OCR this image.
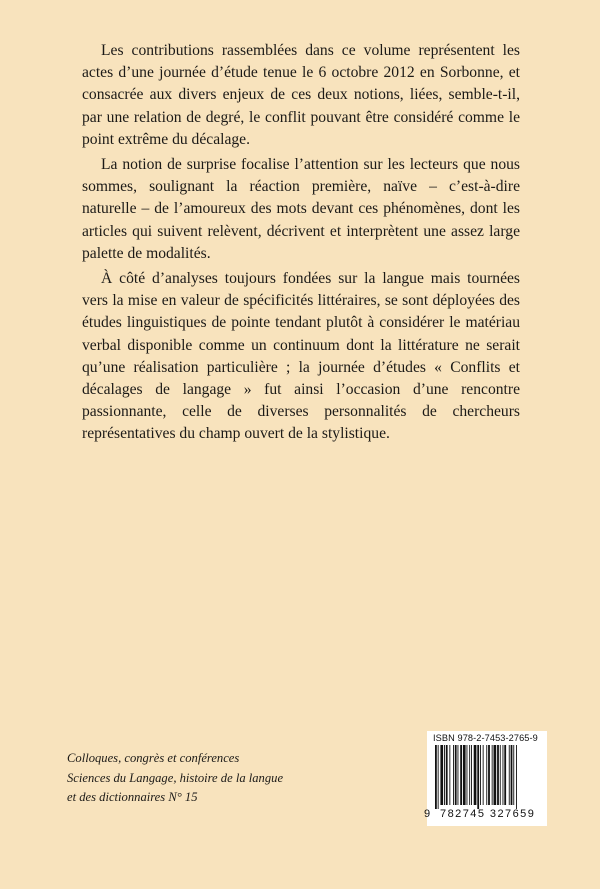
Les contributions rassemblées dans ce volume représentent les actes d’une journée d’étude tenue le 6 octobre 2012 en Sorbonne, et consacrée aux divers enjeux de ces deux notions, liées, semble-t-il, par une relation de degré, le conflit pouvant être considéré comme le point extrême du décalage.

La notion de surprise focalise l’attention sur les lecteurs que nous sommes, soulignant la réaction première, naïve – c’est-à-dire naturelle – de l’amoureux des mots devant ces phénomènes, dont les articles qui suivent relèvent, décrivent et interprètent une assez large palette de modalités.

À côté d’analyses toujours fondées sur la langue mais tournées vers la mise en valeur de spécificités littéraires, se sont déployées des études linguistiques de pointe tendant plutôt à considérer le matériau verbal disponible comme un continuum dont la littérature ne serait qu’une réalisation particulière ; la journée d’études « Conflits et décalages de langage » fut ainsi l’occasion d’une rencontre passionnante, celle de diverses personnalités de chercheurs représentatives du champ ouvert de la stylistique.

Colloques, congrès et conférences
Sciences du Langage, histoire de la langue
et des dictionnaires N° 15
ISBN 978-2-7453-2765-9
9 782745 327659
